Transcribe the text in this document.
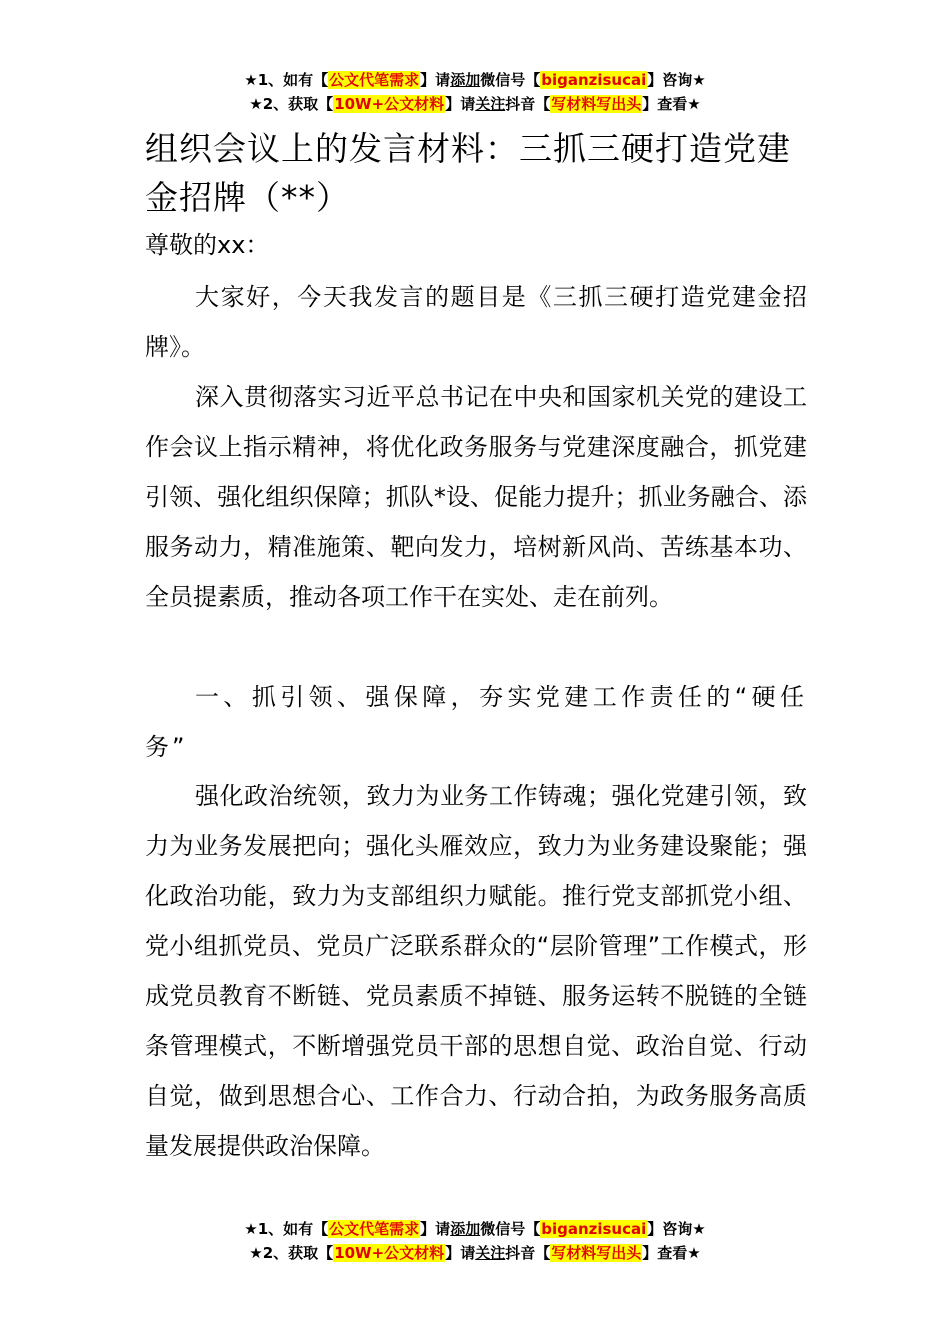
★1、如有【公文代笔需求】请添加微信号【biganzisucai】咨询★
★2、获取【10W+公文材料】请关注抖音【写材料写出头】查看★
组织会议上的发言材料：三抓三硬打造党建金招牌（**）
尊敬的xx：

大家好，今天我发言的题目是《三抓三硬打造党建金招牌》。

深入贯彻落实习近平总书记在中央和国家机关党的建设工作会议上指示精神，将优化政务服务与党建深度融合，抓党建引领、强化组织保障；抓队*设、促能力提升；抓业务融合、添服务动力，精准施策、靶向发力，培树新风尚、苦练基本功、全员提素质，推动各项工作干在实处、走在前列。

一、抓引领、强保障，夯实党建工作责任的“硬任务”

强化政治统领，致力为业务工作铸魂；强化党建引领，致力为业务发展把向；强化头雁效应，致力为业务建设聚能；强化政治功能，致力为支部组织力赋能。推行党支部抓党小组、党小组抓党员、党员广泛联系群众的“层阶管理”工作模式，形成党员教育不断链、党员素质不掉链、服务运转不脱链的全链条管理模式，不断增强党员干部的思想自觉、政治自觉、行动自觉，做到思想合心、工作合力、行动合拍，为政务服务高质量发展提供政治保障。

★1、如有【公文代笔需求】请添加微信号【biganzisucai】咨询★
★2、获取【10W+公文材料】请关注抖音【写材料写出头】查看★
